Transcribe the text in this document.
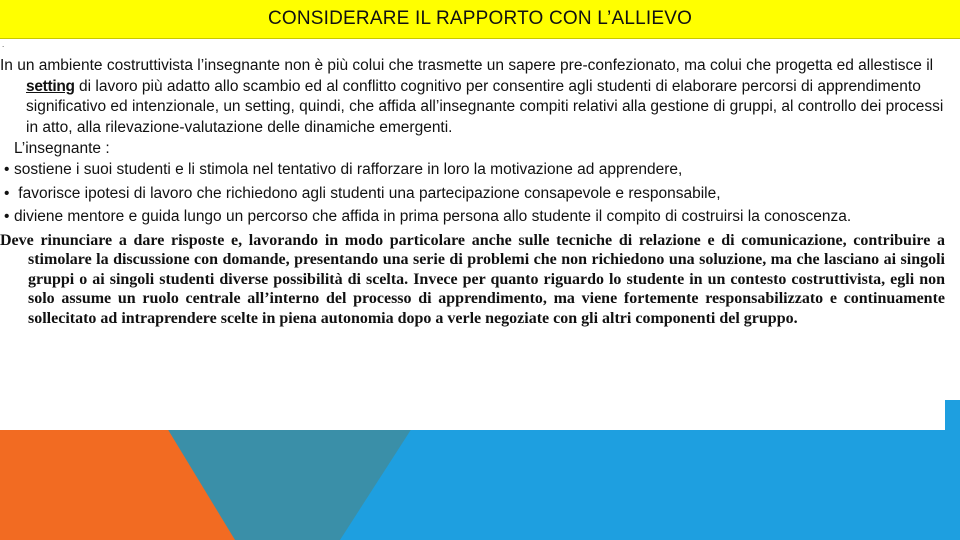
CONSIDERARE IL RAPPORTO CON L’ALLIEVO
.

In un ambiente costruttivista l’insegnante non è più colui che trasmette un sapere pre-confezionato, ma colui che progetta ed allestisce il setting di lavoro più adatto allo scambio ed al conflitto cognitivo per consentire agli studenti di elaborare percorsi di apprendimento significativo ed intenzionale, un setting, quindi, che affida all’insegnante compiti relativi alla gestione di gruppi, al controllo dei processi in atto, alla rilevazione-valutazione delle dinamiche emergenti.

L’insegnante :

• sostiene i suoi studenti e li stimola nel tentativo di rafforzare in loro la motivazione ad apprendere,
• favorisce ipotesi di lavoro che richiedono agli studenti una partecipazione consapevole e responsabile,
• diviene mentore e guida lungo un percorso che affida in prima persona allo studente il compito di costruirsi la conoscenza.

Deve rinunciare a dare risposte e, lavorando in modo particolare anche sulle tecniche di relazione e di comunicazione, contribuire a stimolare la discussione con domande, presentando una serie di problemi che non richiedono una soluzione, ma che lasciano ai singoli gruppi o ai singoli studenti diverse possibilità di scelta. Invece per quanto riguardo lo studente in un contesto costruttivista, egli non solo assume un ruolo centrale all’interno del processo di apprendimento, ma viene fortemente responsabilizzato e continuamente sollecitato ad intraprendere scelte in piena autonomia dopo a verle negoziate con gli altri componenti del gruppo.
